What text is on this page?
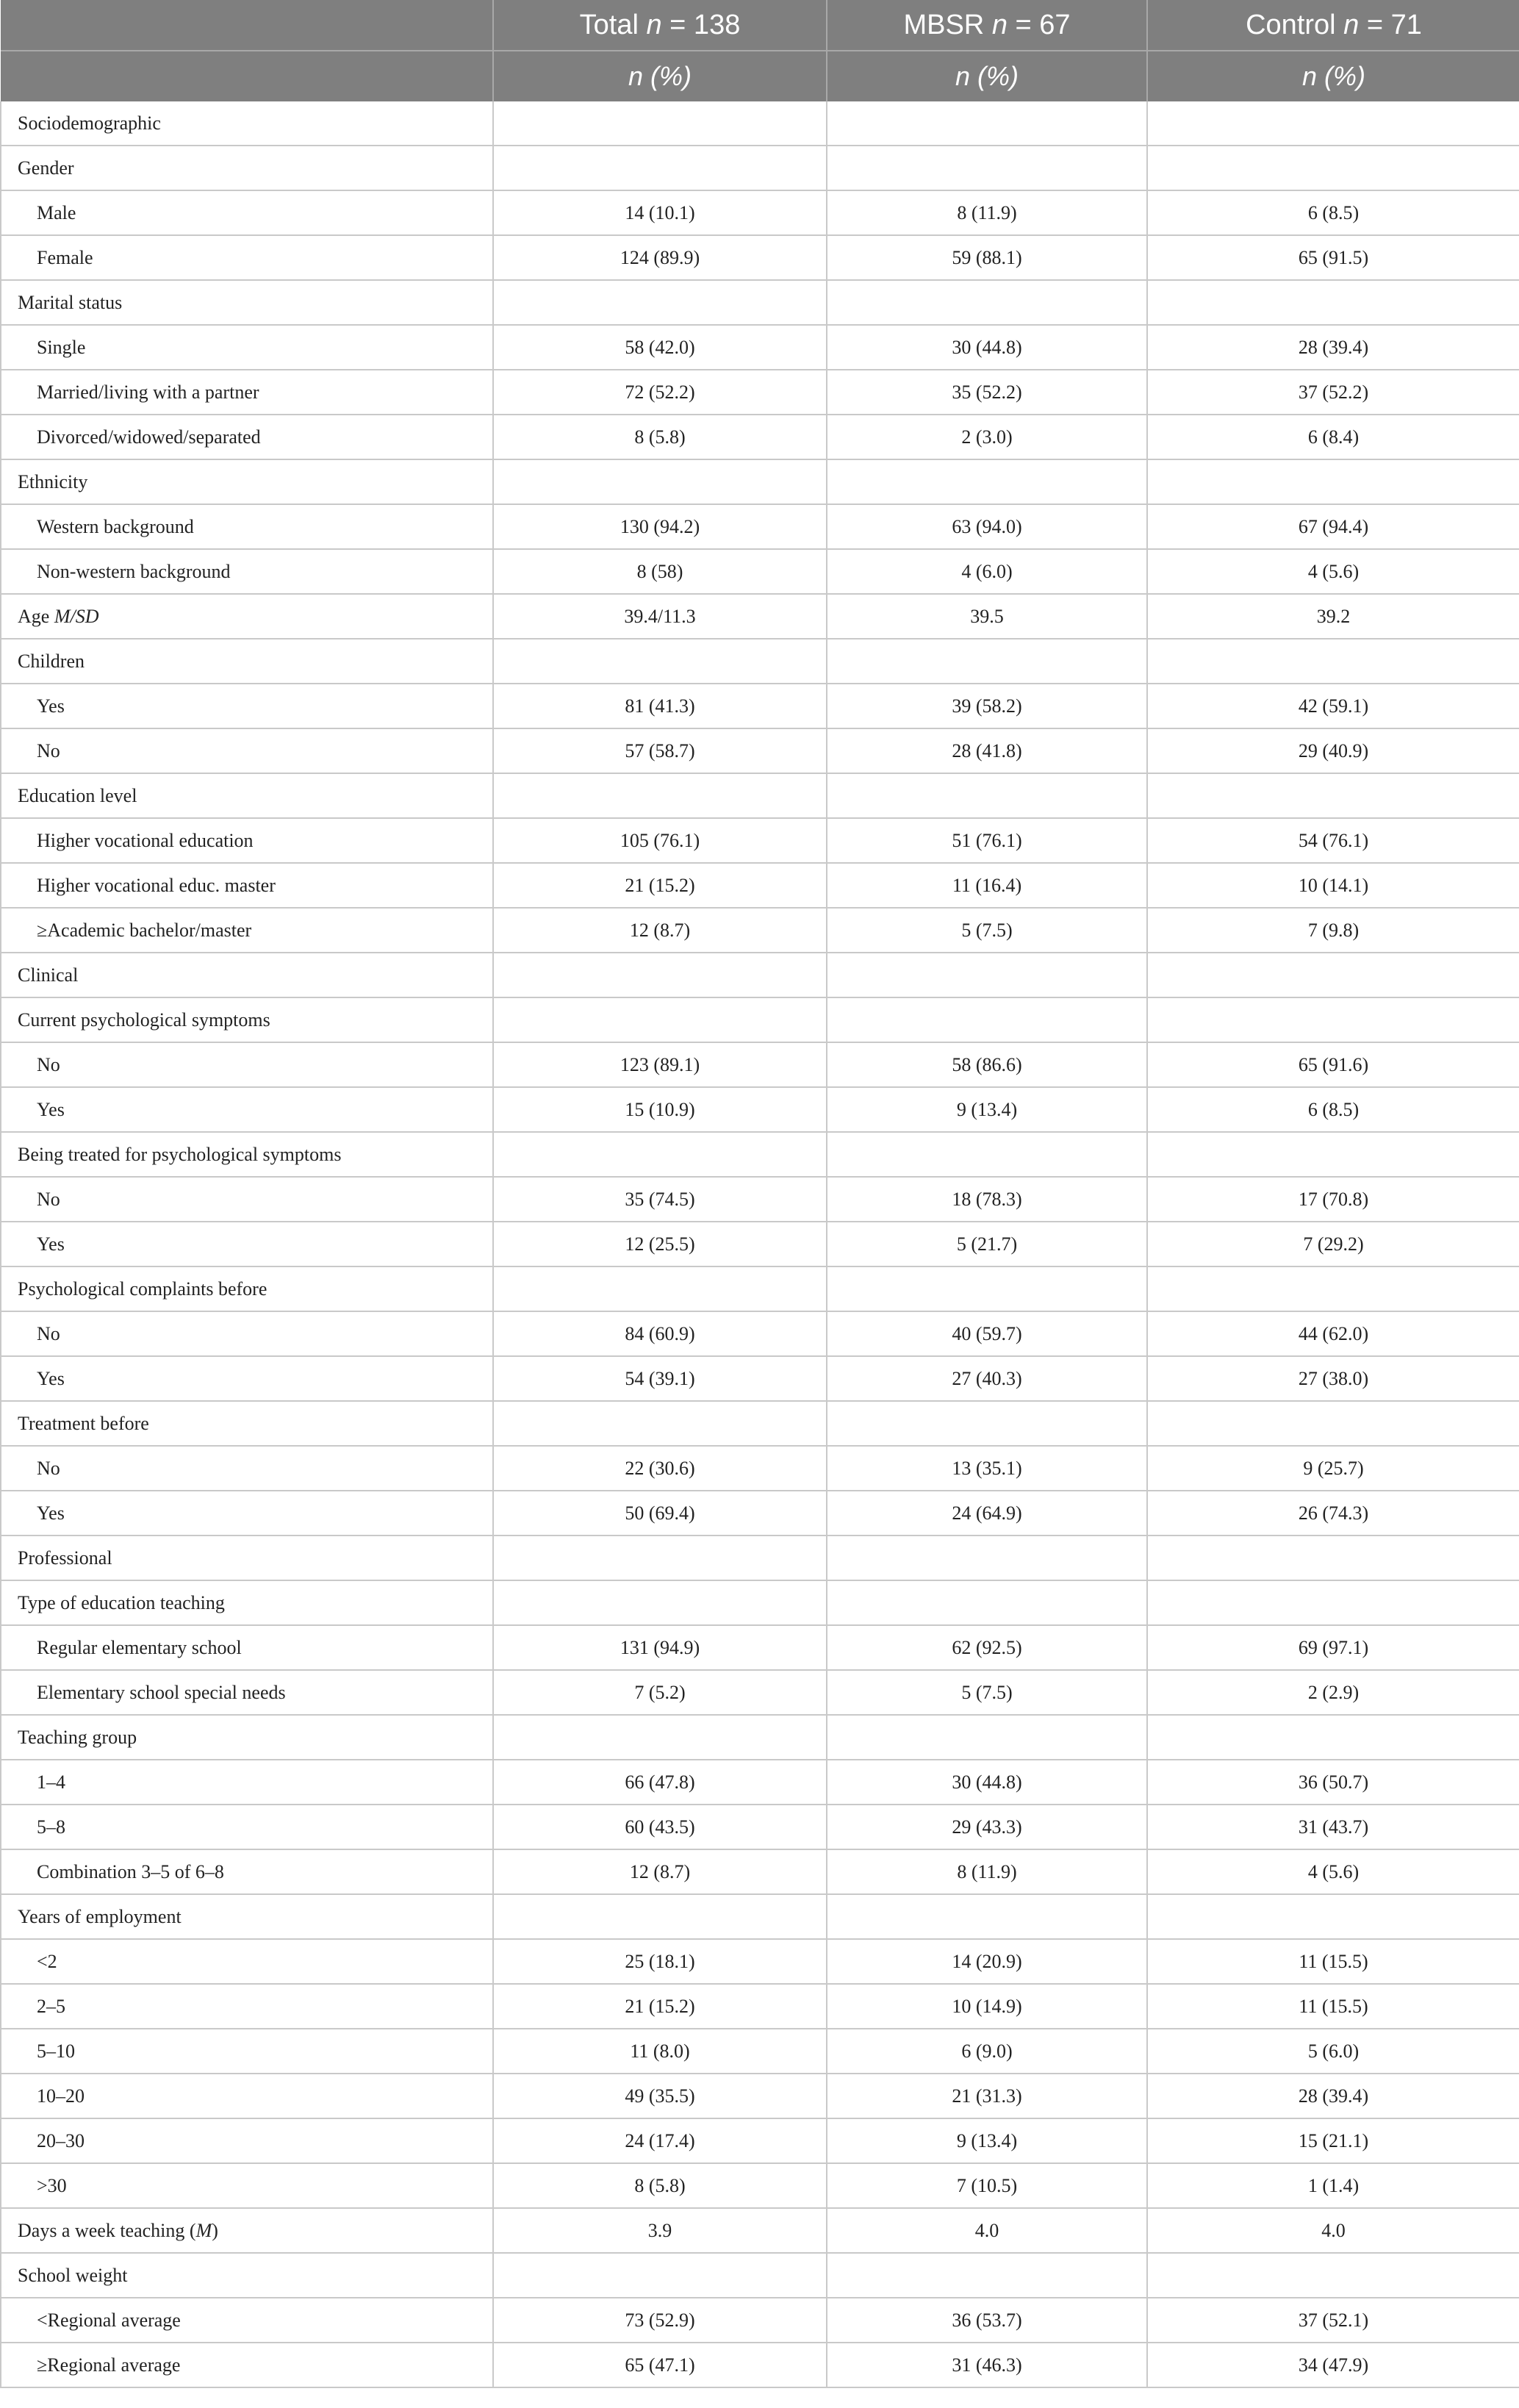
	Total n = 138	MBSR n = 67	Control n = 71
	n (%)	n (%)	n (%)
Sociodemographic			
Gender			
Male	14 (10.1)	8 (11.9)	6 (8.5)
Female	124 (89.9)	59 (88.1)	65 (91.5)
Marital status			
Single	58 (42.0)	30 (44.8)	28 (39.4)
Married/living with a partner	72 (52.2)	35 (52.2)	37 (52.2)
Divorced/widowed/separated	8 (5.8)	2 (3.0)	6 (8.4)
Ethnicity			
Western background	130 (94.2)	63 (94.0)	67 (94.4)
Non-western background	8 (58)	4 (6.0)	4 (5.6)
Age M/SD	39.4/11.3	39.5	39.2
Children			
Yes	81 (41.3)	39 (58.2)	42 (59.1)
No	57 (58.7)	28 (41.8)	29 (40.9)
Education level			
Higher vocational education	105 (76.1)	51 (76.1)	54 (76.1)
Higher vocational educ. master	21 (15.2)	11 (16.4)	10 (14.1)
≥Academic bachelor/master	12 (8.7)	5 (7.5)	7 (9.8)
Clinical			
Current psychological symptoms			
No	123 (89.1)	58 (86.6)	65 (91.6)
Yes	15 (10.9)	9 (13.4)	6 (8.5)
Being treated for psychological symptoms			
No	35 (74.5)	18 (78.3)	17 (70.8)
Yes	12 (25.5)	5 (21.7)	7 (29.2)
Psychological complaints before			
No	84 (60.9)	40 (59.7)	44 (62.0)
Yes	54 (39.1)	27 (40.3)	27 (38.0)
Treatment before			
No	22 (30.6)	13 (35.1)	9 (25.7)
Yes	50 (69.4)	24 (64.9)	26 (74.3)
Professional			
Type of education teaching			
Regular elementary school	131 (94.9)	62 (92.5)	69 (97.1)
Elementary school special needs	7 (5.2)	5 (7.5)	2 (2.9)
Teaching group			
1–4	66 (47.8)	30 (44.8)	36 (50.7)
5–8	60 (43.5)	29 (43.3)	31 (43.7)
Combination 3–5 of 6–8	12 (8.7)	8 (11.9)	4 (5.6)
Years of employment			
<2	25 (18.1)	14 (20.9)	11 (15.5)
2–5	21 (15.2)	10 (14.9)	11 (15.5)
5–10	11 (8.0)	6 (9.0)	5 (6.0)
10–20	49 (35.5)	21 (31.3)	28 (39.4)
20–30	24 (17.4)	9 (13.4)	15 (21.1)
>30	8 (5.8)	7 (10.5)	1 (1.4)
Days a week teaching (M)	3.9	4.0	4.0
School weight			
<Regional average	73 (52.9)	36 (53.7)	37 (52.1)
≥Regional average	65 (47.1)	31 (46.3)	34 (47.9)
